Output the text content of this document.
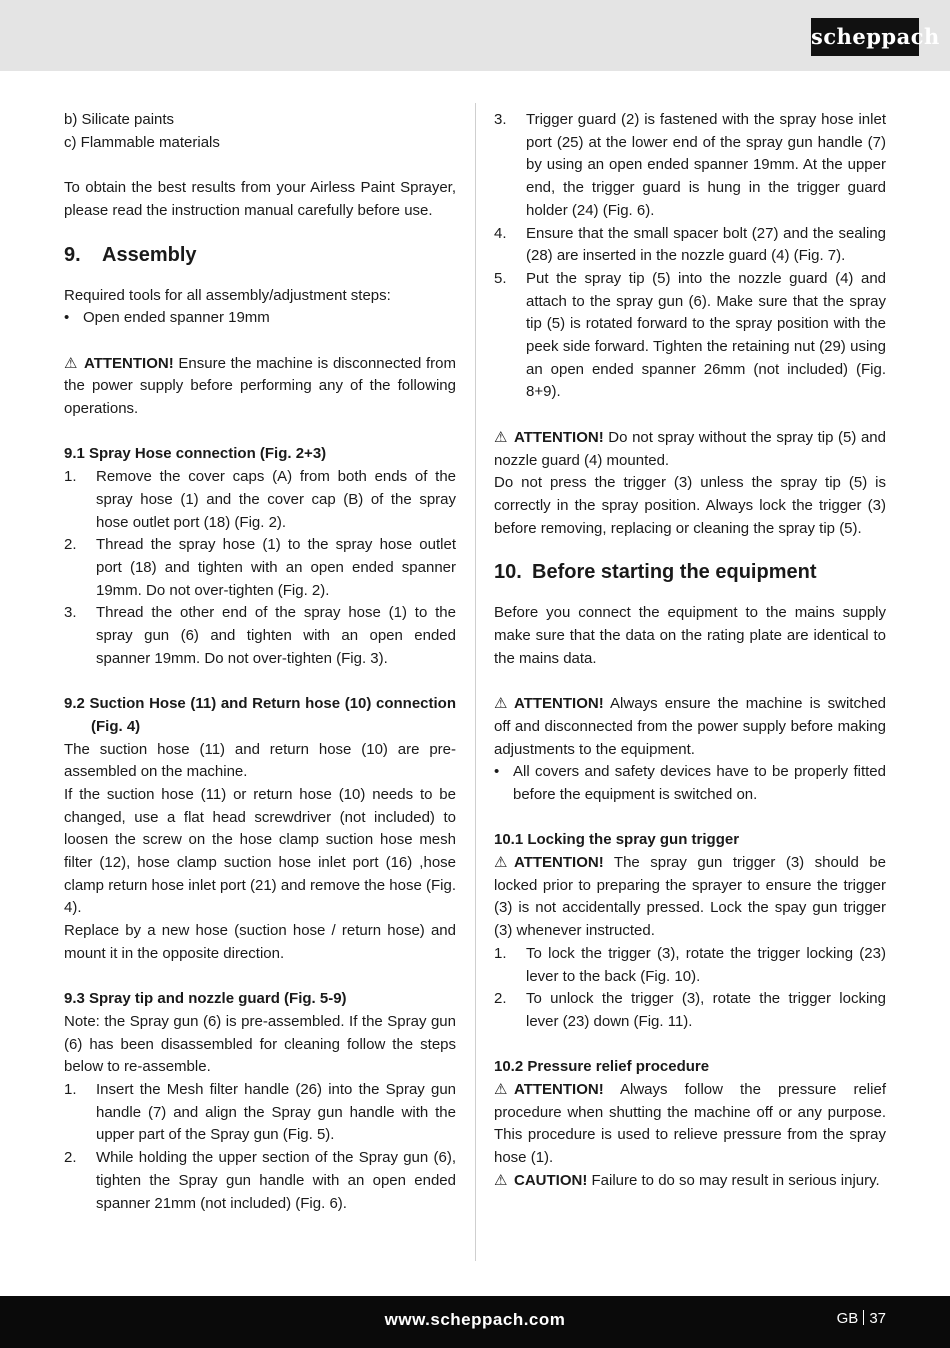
scheppach

b) Silicate paints

c) Flammable materials

To obtain the best results from your Airless Paint Sprayer, please read the instruction manual carefully before use.

9.	Assembly

Required tools for all assembly/adjustment steps:

• Open ended spanner 19mm

⚠ ATTENTION! Ensure the machine is disconnected from the power supply before performing any of the following operations.

9.1 Spray Hose connection (Fig. 2+3)

1.	Remove the cover caps (A) from both ends of the spray hose (1) and the cover cap (B) of the spray hose outlet port (18) (Fig. 2).
2.	Thread the spray hose (1) to the spray hose outlet port (18) and tighten with an open ended spanner 19mm. Do not over-tighten (Fig. 2).
3.	Thread the other end of the spray hose (1) to the spray gun (6) and tighten with an open ended spanner 19mm. Do not over-tighten (Fig. 3).

9.2 Suction Hose (11) and Return hose (10) connection (Fig. 4)

The suction hose (11) and return hose (10) are pre-assembled on the machine.

If the suction hose (11) or return hose (10) needs to be changed, use a flat head screwdriver (not included) to loosen the screw on the hose clamp suction hose mesh filter (12), hose clamp suction hose inlet port (16) ,hose clamp return hose inlet port (21) and remove the hose (Fig. 4).

Replace by a new hose (suction hose / return hose) and mount it in the opposite direction.

9.3 Spray tip and nozzle guard (Fig. 5-9)

Note: the Spray gun (6) is pre-assembled. If the Spray gun (6) has been disassembled for cleaning follow the steps below to re-assemble.

1.	Insert the Mesh filter handle (26) into the Spray gun handle (7) and align the Spray gun handle with the upper part of the Spray gun (Fig. 5).
2.	While holding the upper section of the Spray gun (6), tighten the Spray gun handle with an open ended spanner 21mm (not included) (Fig. 6).
3.	Trigger guard (2) is fastened with the spray hose inlet port (25) at the lower end of the spray gun handle (7) by using an open ended spanner 19mm. At the upper end, the trigger guard is hung in the trigger guard holder (24) (Fig. 6).
4.	Ensure that the small spacer bolt (27) and the sealing (28) are inserted in the nozzle guard (4) (Fig. 7).
5.	Put the spray tip (5) into the nozzle guard (4) and attach to the spray gun (6). Make sure that the spray tip (5) is rotated forward to the spray position with the peek side forward. Tighten the retaining nut (29) using an open ended spanner 26mm (not included) (Fig. 8+9).

⚠ ATTENTION! Do not spray without the spray tip (5) and nozzle guard (4) mounted.

Do not press the trigger (3) unless the spray tip (5) is correctly in the spray position. Always lock the trigger (3) before removing, replacing or cleaning the spray tip (5).

10. Before starting the equipment

Before you connect the equipment to the mains supply make sure that the data on the rating plate are identical to the mains data.

⚠ ATTENTION! Always ensure the machine is switched off and disconnected from the power supply before making adjustments to the equipment.

• All covers and safety devices have to be properly fitted before the equipment is switched on.

10.1 Locking the spray gun trigger

⚠ ATTENTION! The spray gun trigger (3) should be locked prior to preparing the sprayer to ensure the trigger (3) is not accidentally pressed. Lock the spay gun trigger (3) whenever instructed.

1.	To lock the trigger (3), rotate the trigger locking (23) lever to the back (Fig. 10).
2.	To unlock the trigger (3), rotate the trigger locking lever (23) down (Fig. 11).

10.2 Pressure relief procedure

⚠ ATTENTION! Always follow the pressure relief procedure when shutting the machine off or any purpose. This procedure is used to relieve pressure from the spray hose (1).

⚠ CAUTION! Failure to do so may result in serious injury.

www.scheppach.com	GB 37
